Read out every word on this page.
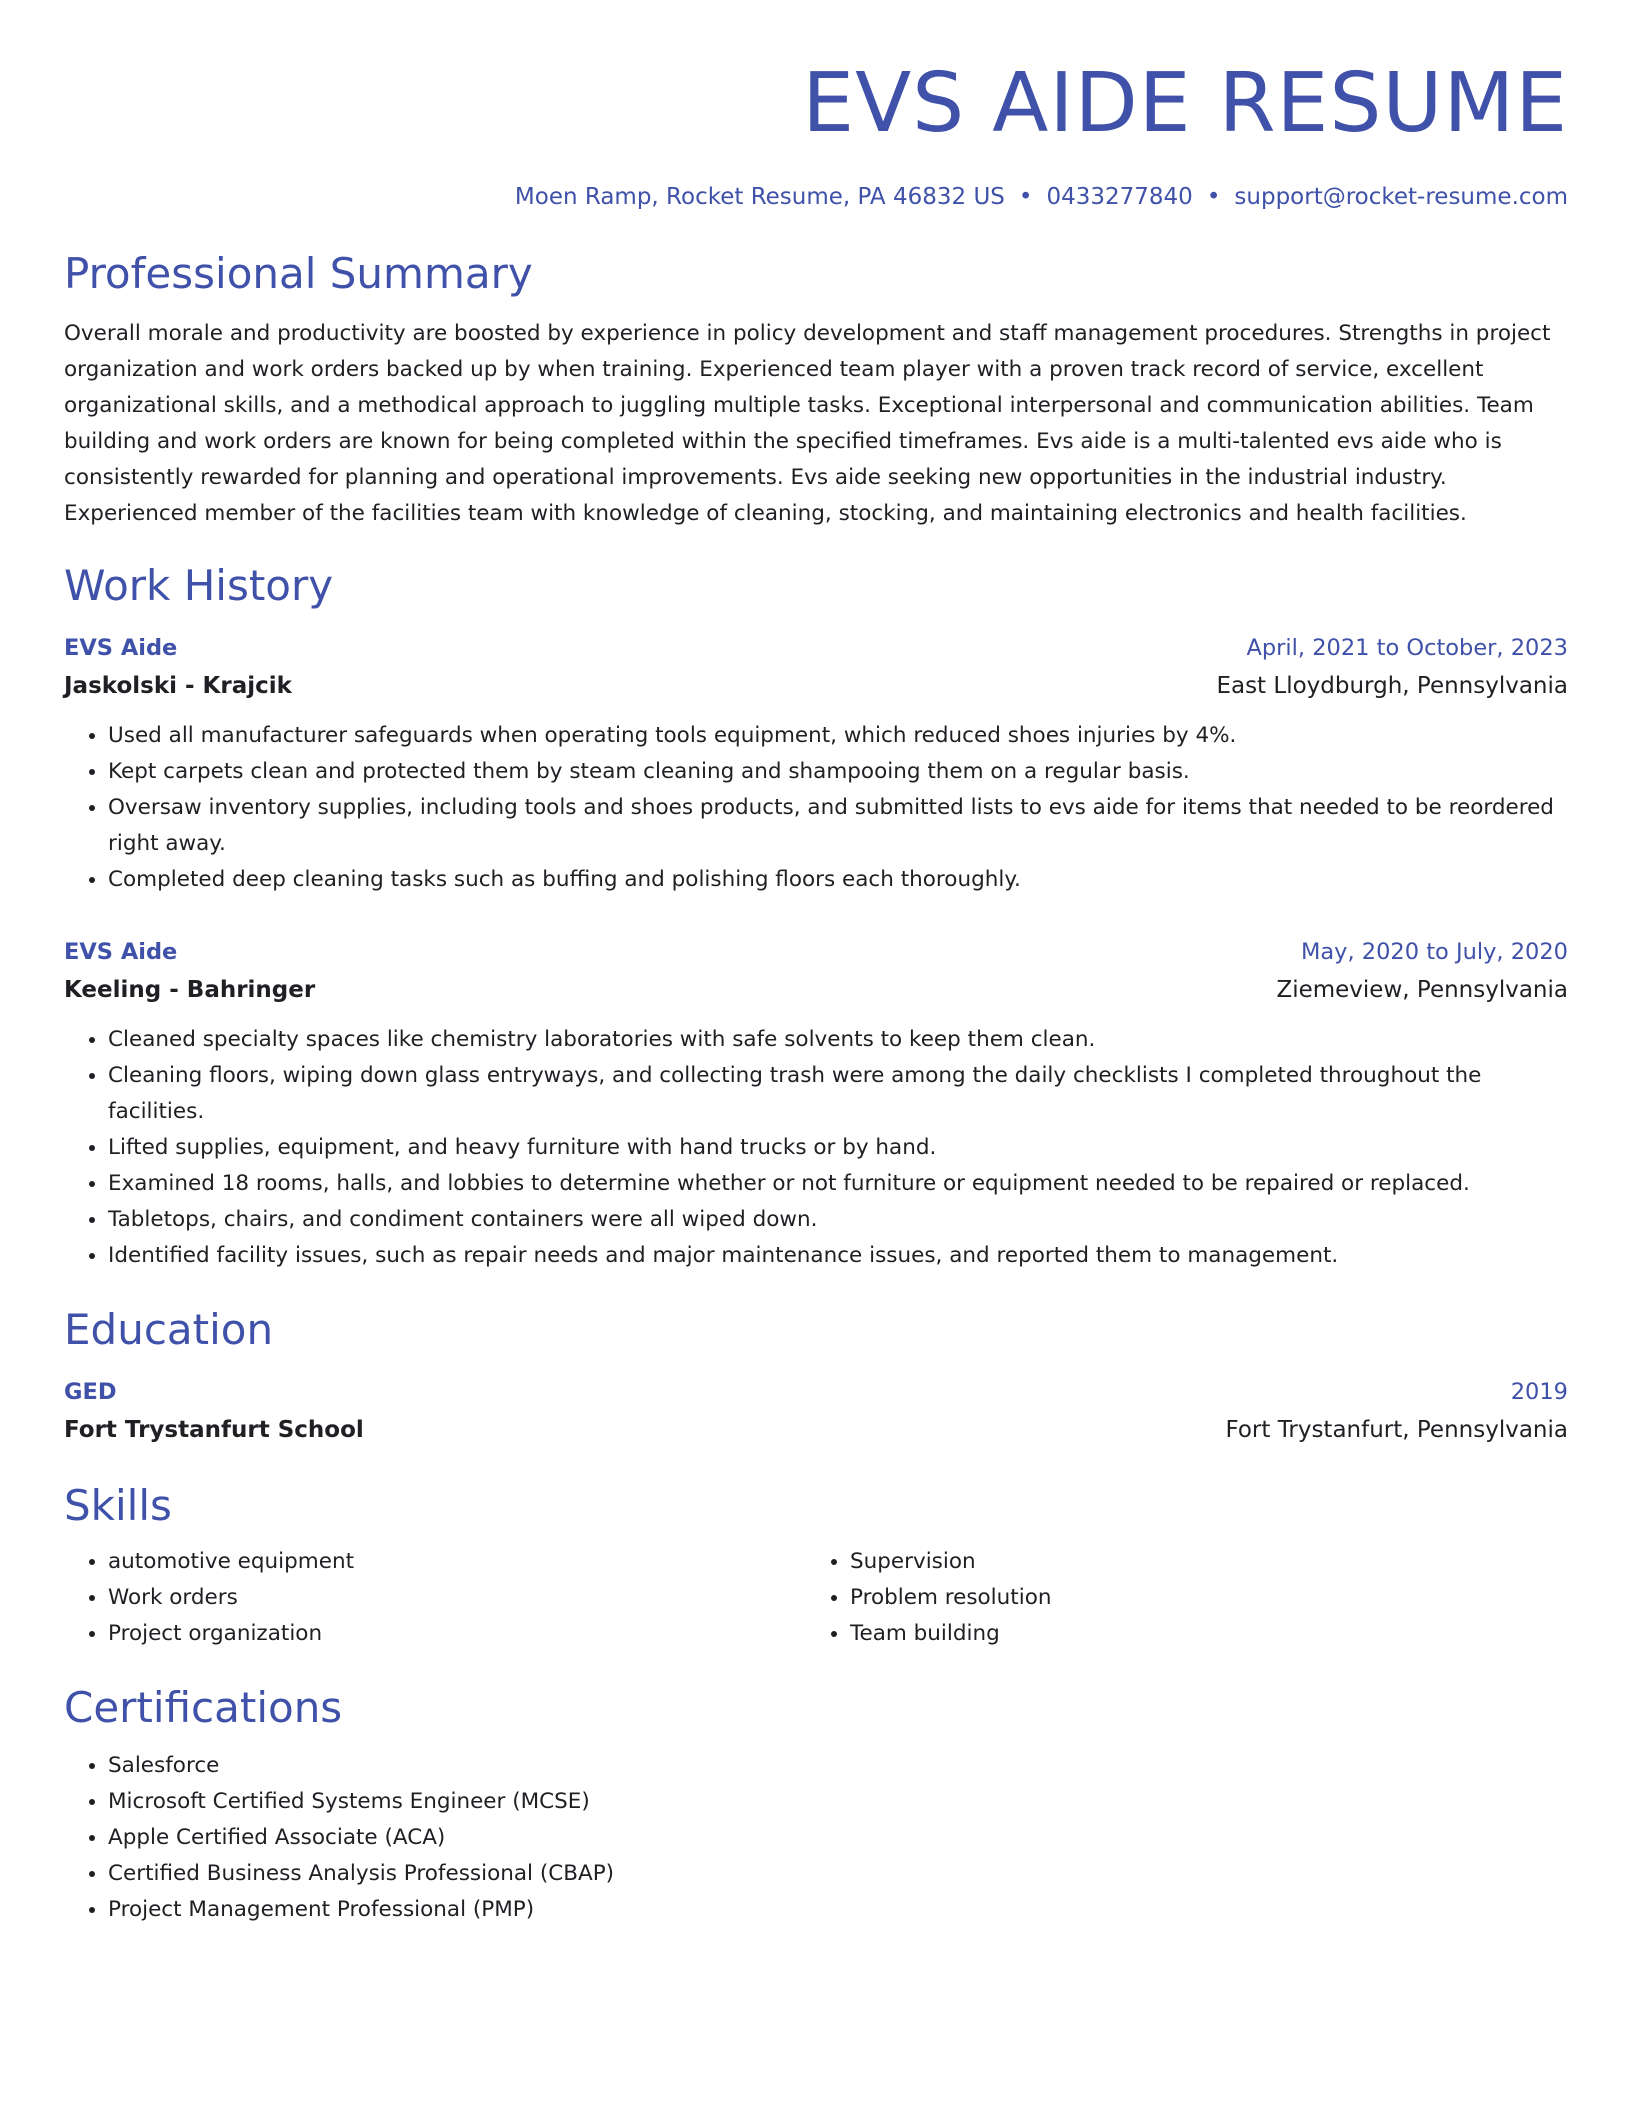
EVS AIDE RESUME
Moen Ramp, Rocket Resume, PA 46832 US • 0433277840 • support@rocket-resume.com
Professional Summary
Overall morale and productivity are boosted by experience in policy development and staff management procedures. Strengths in project organization and work orders backed up by when training. Experienced team player with a proven track record of service, excellent organizational skills, and a methodical approach to juggling multiple tasks. Exceptional interpersonal and communication abilities. Team building and work orders are known for being completed within the specified timeframes. Evs aide is a multi-talented evs aide who is consistently rewarded for planning and operational improvements. Evs aide seeking new opportunities in the industrial industry. Experienced member of the facilities team with knowledge of cleaning, stocking, and maintaining electronics and health facilities.
Work History
EVS Aide	April, 2021 to October, 2023
Jaskolski - Krajcik	East Lloydburgh, Pennsylvania
• Used all manufacturer safeguards when operating tools equipment, which reduced shoes injuries by 4%.
• Kept carpets clean and protected them by steam cleaning and shampooing them on a regular basis.
• Oversaw inventory supplies, including tools and shoes products, and submitted lists to evs aide for items that needed to be reordered right away.
• Completed deep cleaning tasks such as buffing and polishing floors each thoroughly.
EVS Aide	May, 2020 to July, 2020
Keeling - Bahringer	Ziemeview, Pennsylvania
• Cleaned specialty spaces like chemistry laboratories with safe solvents to keep them clean.
• Cleaning floors, wiping down glass entryways, and collecting trash were among the daily checklists I completed throughout the facilities.
• Lifted supplies, equipment, and heavy furniture with hand trucks or by hand.
• Examined 18 rooms, halls, and lobbies to determine whether or not furniture or equipment needed to be repaired or replaced.
• Tabletops, chairs, and condiment containers were all wiped down.
• Identified facility issues, such as repair needs and major maintenance issues, and reported them to management.
Education
GED	2019
Fort Trystanfurt School	Fort Trystanfurt, Pennsylvania
Skills
• automotive equipment
• Work orders
• Project organization
• Supervision
• Problem resolution
• Team building
Certifications
• Salesforce
• Microsoft Certified Systems Engineer (MCSE)
• Apple Certified Associate (ACA)
• Certified Business Analysis Professional (CBAP)
• Project Management Professional (PMP)
